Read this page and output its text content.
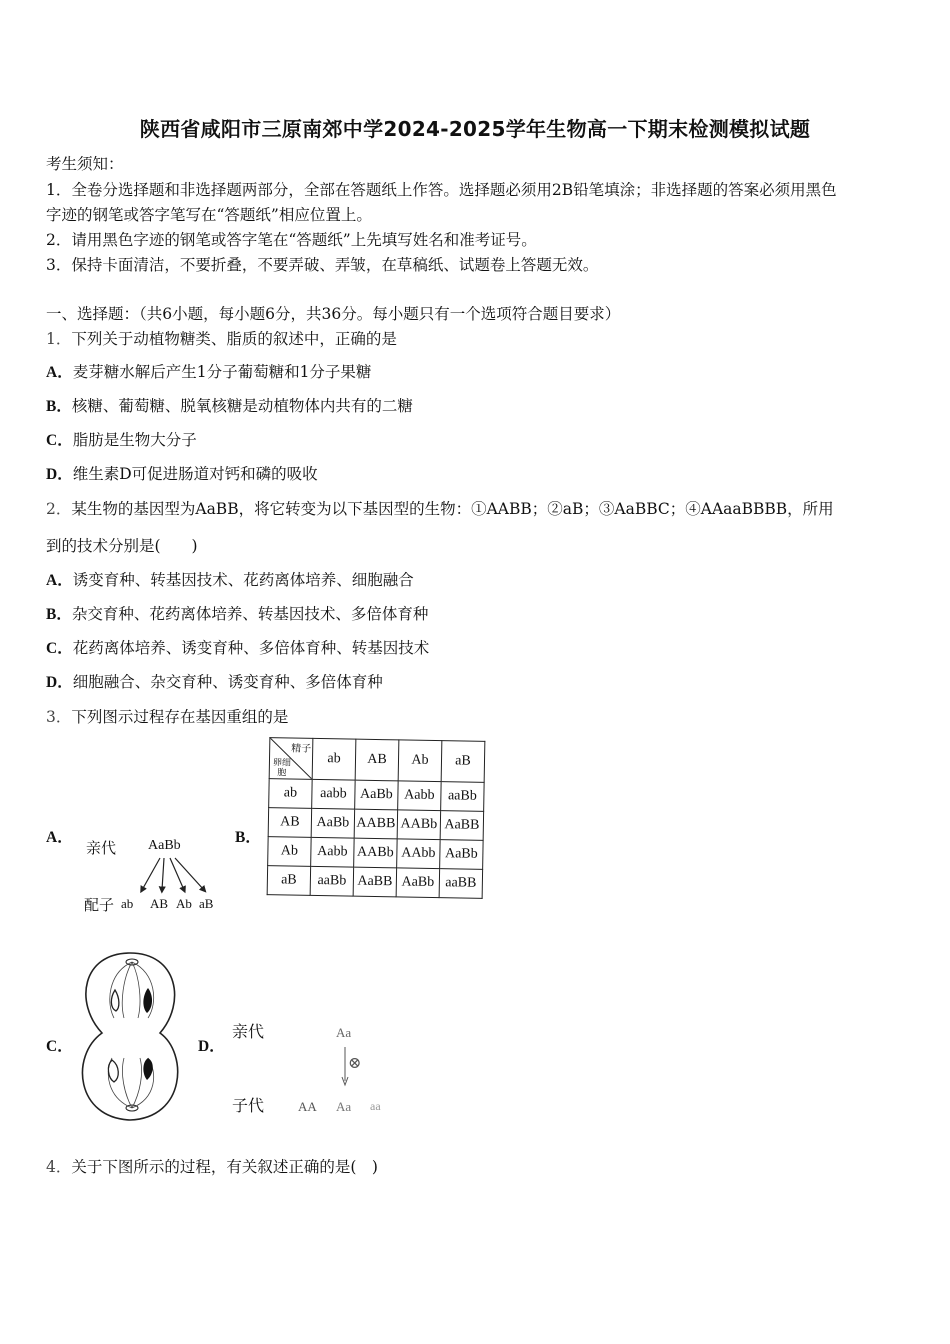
陕西省咸阳市三原南郊中学2024-2025学年生物高一下期末检测模拟试题
考生须知：
1．全卷分选择题和非选择题两部分，全部在答题纸上作答。选择题必须用2B铅笔填涂；非选择题的答案必须用黑色
字迹的钢笔或答字笔写在“答题纸”相应位置上。
2．请用黑色字迹的钢笔或答字笔在“答题纸”上先填写姓名和准考证号。
3．保持卡面清洁，不要折叠，不要弄破、弄皱，在草稿纸、试题卷上答题无效。
一、选择题：（共6小题，每小题6分，共36分。每小题只有一个选项符合题目要求）
1．下列关于动植物糖类、脂质的叙述中，正确的是
A．麦芽糖水解后产生1分子葡萄糖和1分子果糖
B．核糖、葡萄糖、脱氧核糖是动植物体内共有的二糖
C．脂肪是生物大分子
D．维生素D可促进肠道对钙和磷的吸收
2．某生物的基因型为AaBB，将它转变为以下基因型的生物：①AABB；②aB；③AaBBC；④AAaaBBBB，所用
到的技术分别是(　　)
A．诱变育种、转基因技术、花药离体培养、细胞融合
B．杂交育种、花药离体培养、转基因技术、多倍体育种
C．花药离体培养、诱变育种、多倍体育种、转基因技术
D．细胞融合、杂交育种、诱变育种、多倍体育种
3．下列图示过程存在基因重组的是
A．
亲代 AaBb
配子 ab AB Ab aB
B．
精子
卵细胞	ab	AB	Ab	aB
ab	aabb	AaBb	Aabb	aaBb
AB	AaBb	AABB	AABb	AaBB
Ab	Aabb	AABb	AAbb	AaBb
aB	aaBb	AaBB	AaBb	aaBB
C．	D．
亲代	Aa
⊗
子代	AA Aa aa
4．关于下图所示的过程，有关叙述正确的是(　)
